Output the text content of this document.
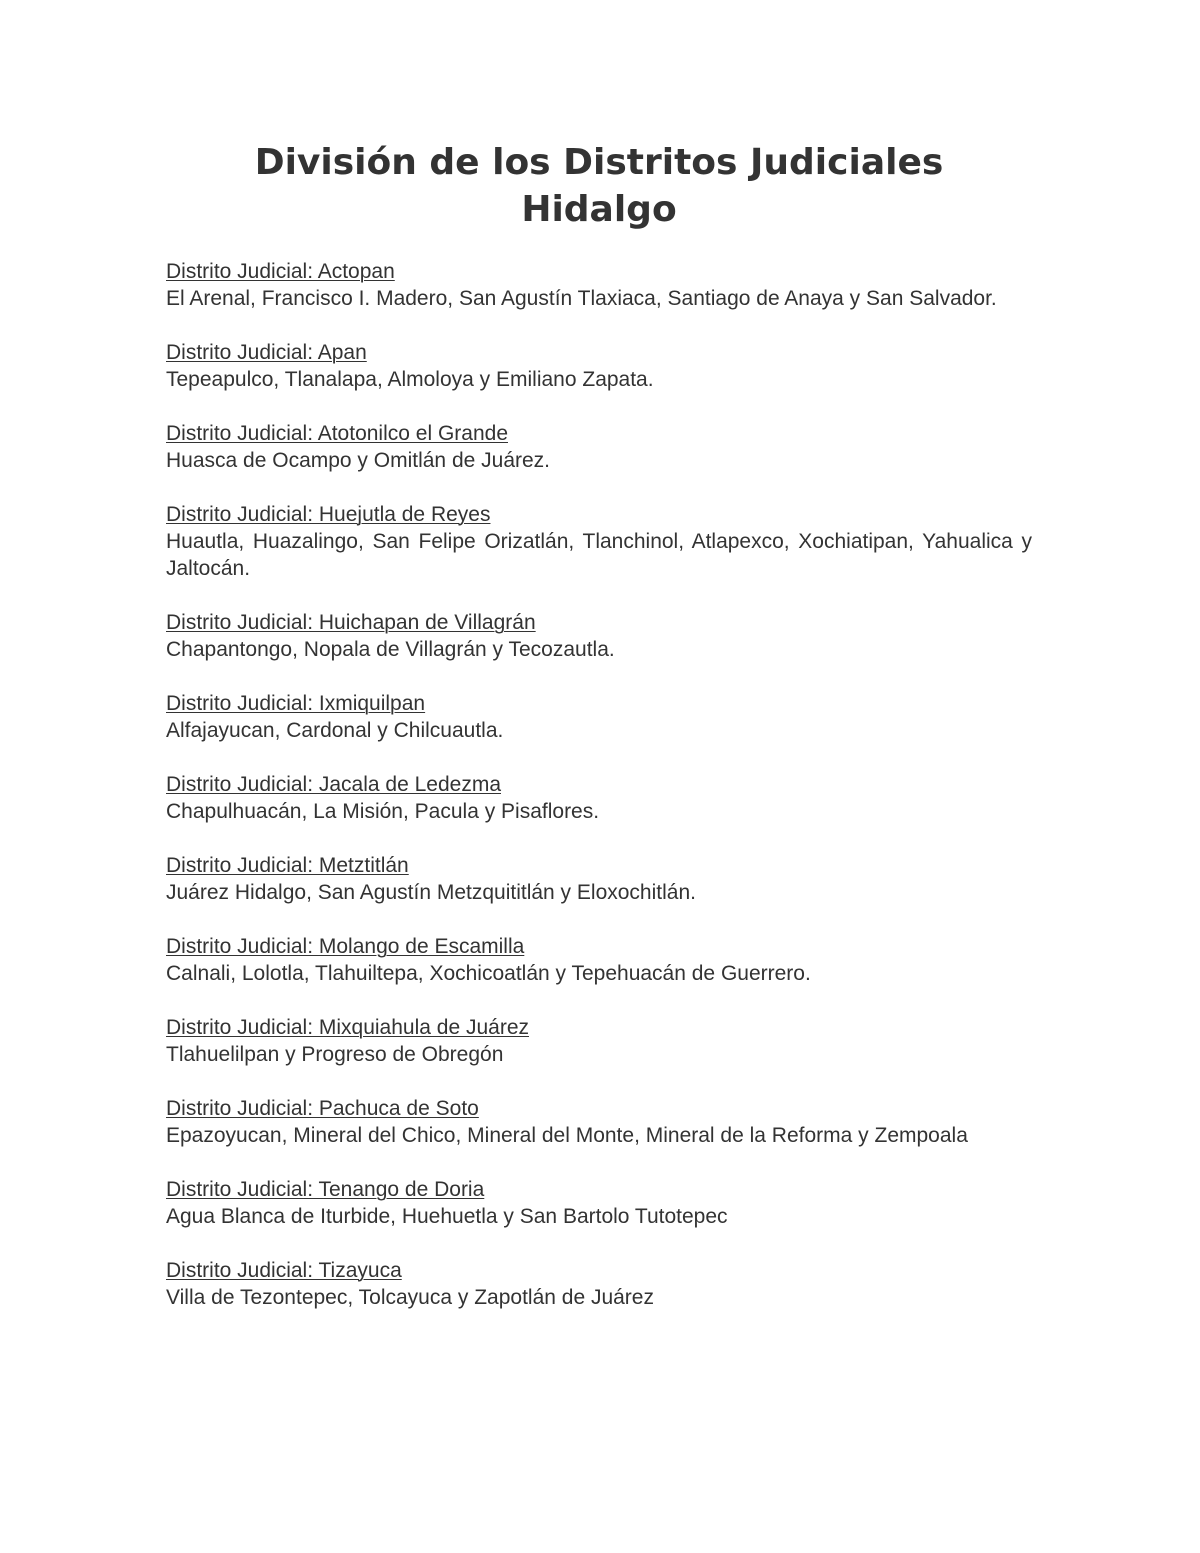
División de los Distritos Judiciales
Hidalgo
Distrito Judicial: Actopan
El Arenal, Francisco I. Madero, San Agustín Tlaxiaca, Santiago de Anaya y San Salvador.
Distrito Judicial: Apan
Tepeapulco, Tlanalapa, Almoloya y Emiliano Zapata.
Distrito Judicial: Atotonilco el Grande
Huasca de Ocampo y Omitlán de Juárez.
Distrito Judicial: Huejutla de Reyes
Huautla, Huazalingo, San Felipe Orizatlán, Tlanchinol, Atlapexco, Xochiatipan, Yahualica y Jaltocán.
Distrito Judicial: Huichapan de Villagrán
Chapantongo, Nopala de Villagrán y Tecozautla.
Distrito Judicial: Ixmiquilpan
Alfajayucan, Cardonal y Chilcuautla.
Distrito Judicial: Jacala de Ledezma
Chapulhuacán, La Misión, Pacula y Pisaflores.
Distrito Judicial: Metztitlán
Juárez Hidalgo, San Agustín Metzquititlán y Eloxochitlán.
Distrito Judicial: Molango de Escamilla
Calnali, Lolotla, Tlahuiltepa, Xochicoatlán y Tepehuacán de Guerrero.
Distrito Judicial: Mixquiahula de Juárez
Tlahuelilpan y Progreso de Obregón
Distrito Judicial: Pachuca de Soto
Epazoyucan, Mineral del Chico, Mineral del Monte, Mineral de la Reforma y Zempoala
Distrito Judicial: Tenango de Doria
Agua Blanca de Iturbide, Huehuetla y San Bartolo Tutotepec
Distrito Judicial: Tizayuca
Villa de Tezontepec, Tolcayuca y Zapotlán de Juárez
